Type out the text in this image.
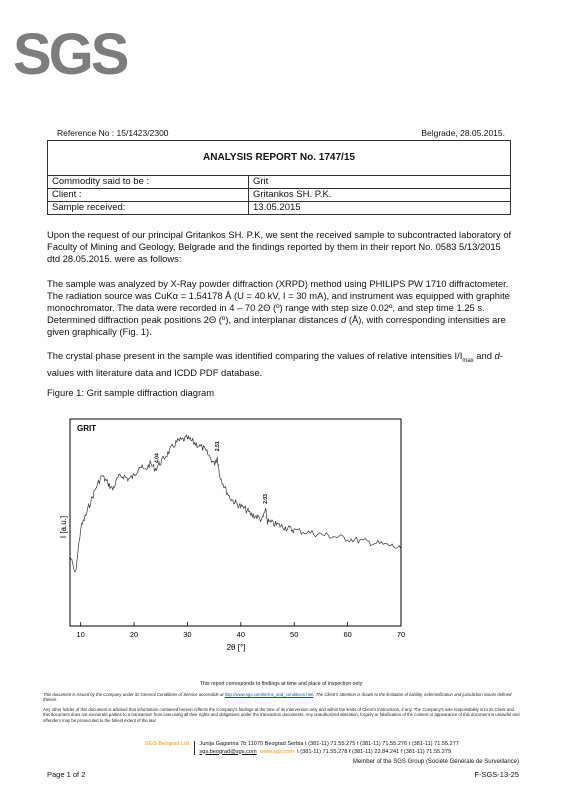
SGS
Reference No : 15/1423/2300	Belgrade, 28.05.2015.
ANALYSIS REPORT No. 1747/15	
Commodity said to be :	Grit
Client :	Gritankos SH. P.K.
Sample received:	13.05.2015
Upon the request of our principal Gritankos SH. P.K, we sent the received sample to subcontracted laboratory of Faculty of Mining and Geology, Belgrade and the findings reported by them in their report No. 0583 5/13/2015 dtd 28.05.2015. were as follows:
The sample was analyzed by X-Ray powder diffraction (XRPD) method using PHILIPS PW 1710 diffractometer. The radiation source was CuKα = 1.54178 Å (U = 40 kV, I = 30 mA), and instrument was equipped with graphite monochromator. The data were recorded in 4 – 70 2Θ (º) range with step size 0.02º, and step time 1.25 s. Determined diffraction peak positions 2Θ (º), and interplanar distances d (Å), with corresponding intensities are given graphically (Fig. 1).
The crystal phase present in the sample was identified comparing the values of relative intensities $I/I_{max}$ and d-values with literature data and ICDD PDF database.
Figure 1: Grit sample diffraction diagram
GRIT
I [a.u.]
2θ [°]
10	20	30	40	50	60	70
4.04
2.51
2.03
This report corresponds to findings at time and place of inspection only
This document is issued by the Company under its General Conditions of Service accessible at http://www.sgs.com/terms_and_conditions.htm. The Client's attention is drawn to the limitation of liability, indemnification and jurisdiction issues defined therein.
Any other holder of this document is advised that information contained hereon reflects the Company's findings at the time of its intervention only and within the limits of Client's instructions, if any. The Company's sole responsibility is to its Client and this document does not exonerate parties to a transaction from exercising all their rights and obligations under the transaction documents. Any unauthorized alteration, forgery or falsification of the content or appearance of this document is unlawful and offenders may be prosecuted to the fullest extent of the law.
SGS Beograd Ltd. Junija Gagarina 7b 11070 Beograd Serbia t (381-11) 71.55.275 t (381-11) 71.55.276 t (381-11) 71.55.277
sgs.beograd@sgs.com www.sgs.com t (381-11) 71.55.278 f (381-11) 22.84.241 f (381-11) 71.55.279
Member of the SGS Group (Société Générale de Surveillance)
Page 1 of 2	F-SGS-13-25
